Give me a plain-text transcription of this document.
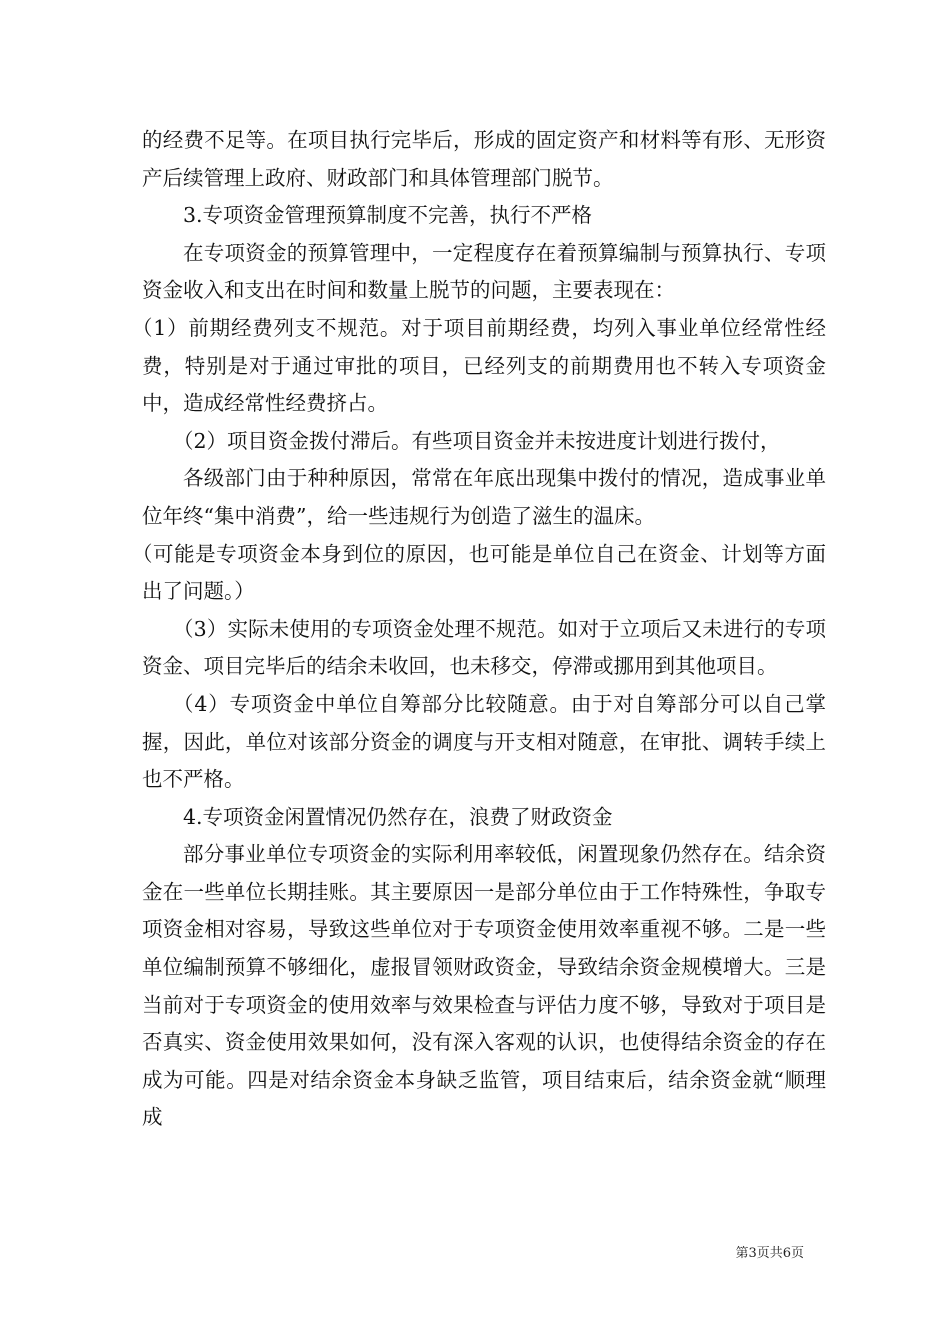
的经费不足等。在项目执行完毕后，形成的固定资产和材料等有形、无形资产后续管理上政府、财政部门和具体管理部门脱节。

3.专项资金管理预算制度不完善，执行不严格

在专项资金的预算管理中，一定程度存在着预算编制与预算执行、专项资金收入和支出在时间和数量上脱节的问题，主要表现在：

（1）前期经费列支不规范。对于项目前期经费，均列入事业单位经常性经费，特别是对于通过审批的项目，已经列支的前期费用也不转入专项资金中，造成经常性经费挤占。

（2）项目资金拨付滞后。有些项目资金并未按进度计划进行拨付，

各级部门由于种种原因，常常在年底出现集中拨付的情况，造成事业单位年终“集中消费”，给一些违规行为创造了滋生的温床。

（可能是专项资金本身到位的原因，也可能是单位自己在资金、计划等方面出了问题。）

（3）实际未使用的专项资金处理不规范。如对于立项后又未进行的专项资金、项目完毕后的结余未收回，也未移交，停滞或挪用到其他项目。

（4）专项资金中单位自筹部分比较随意。由于对自筹部分可以自己掌握，因此，单位对该部分资金的调度与开支相对随意，在审批、调转手续上也不严格。

4.专项资金闲置情况仍然存在，浪费了财政资金

部分事业单位专项资金的实际利用率较低，闲置现象仍然存在。结余资金在一些单位长期挂账。其主要原因一是部分单位由于工作特殊性，争取专项资金相对容易，导致这些单位对于专项资金使用效率重视不够。二是一些单位编制预算不够细化，虚报冒领财政资金，导致结余资金规模增大。三是当前对于专项资金的使用效率与效果检查与评估力度不够，导致对于项目是否真实、资金使用效果如何，没有深入客观的认识，也使得结余资金的存在成为可能。四是对结余资金本身缺乏监管，项目结束后，结余资金就“顺理成

第3页共6页
